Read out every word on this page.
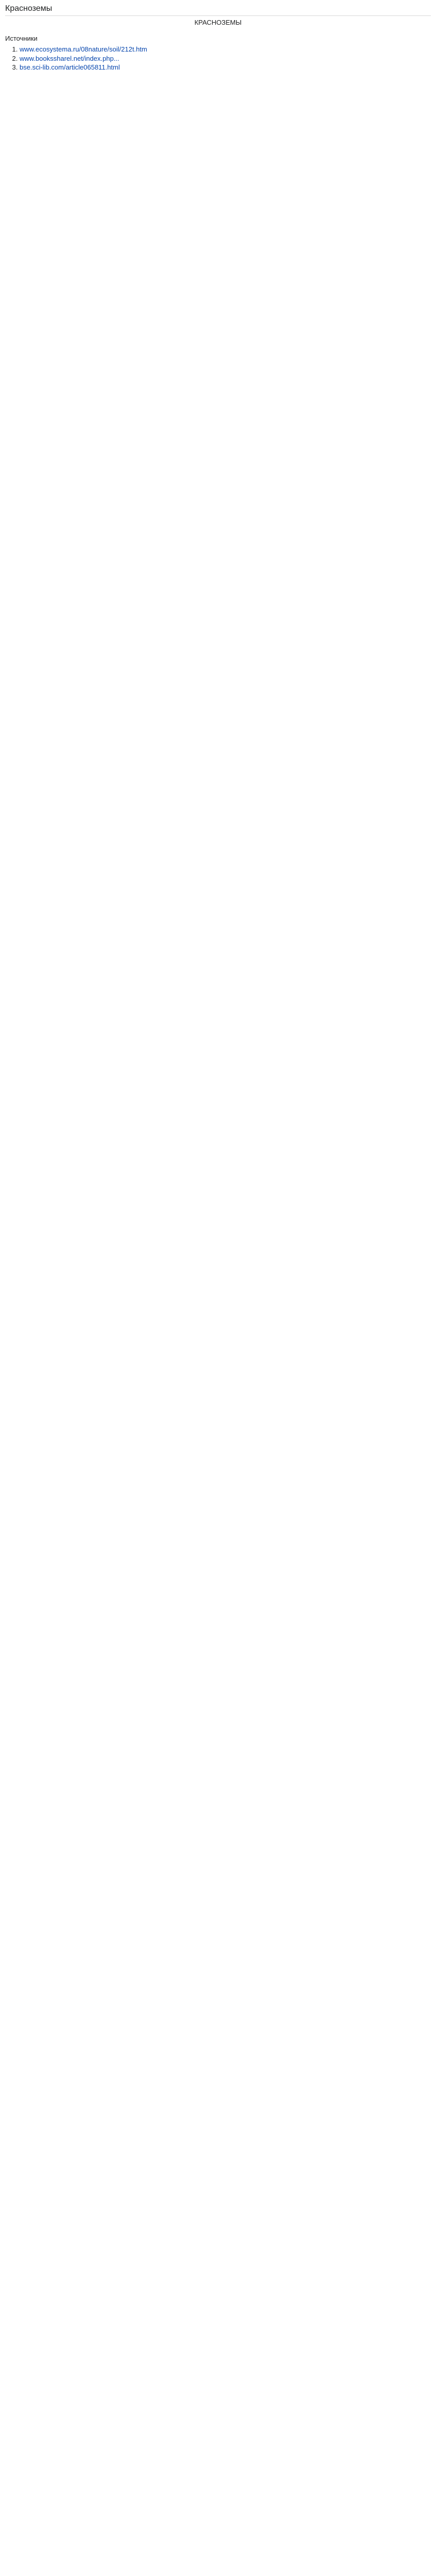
Красноземы
КРАСНОЗЕМЫ

Источники
1. www.ecosystema.ru/08nature/soil/212t.htm
2. www.bookssharel.net/index.php...
3. bse.sci-lib.com/article065811.html
